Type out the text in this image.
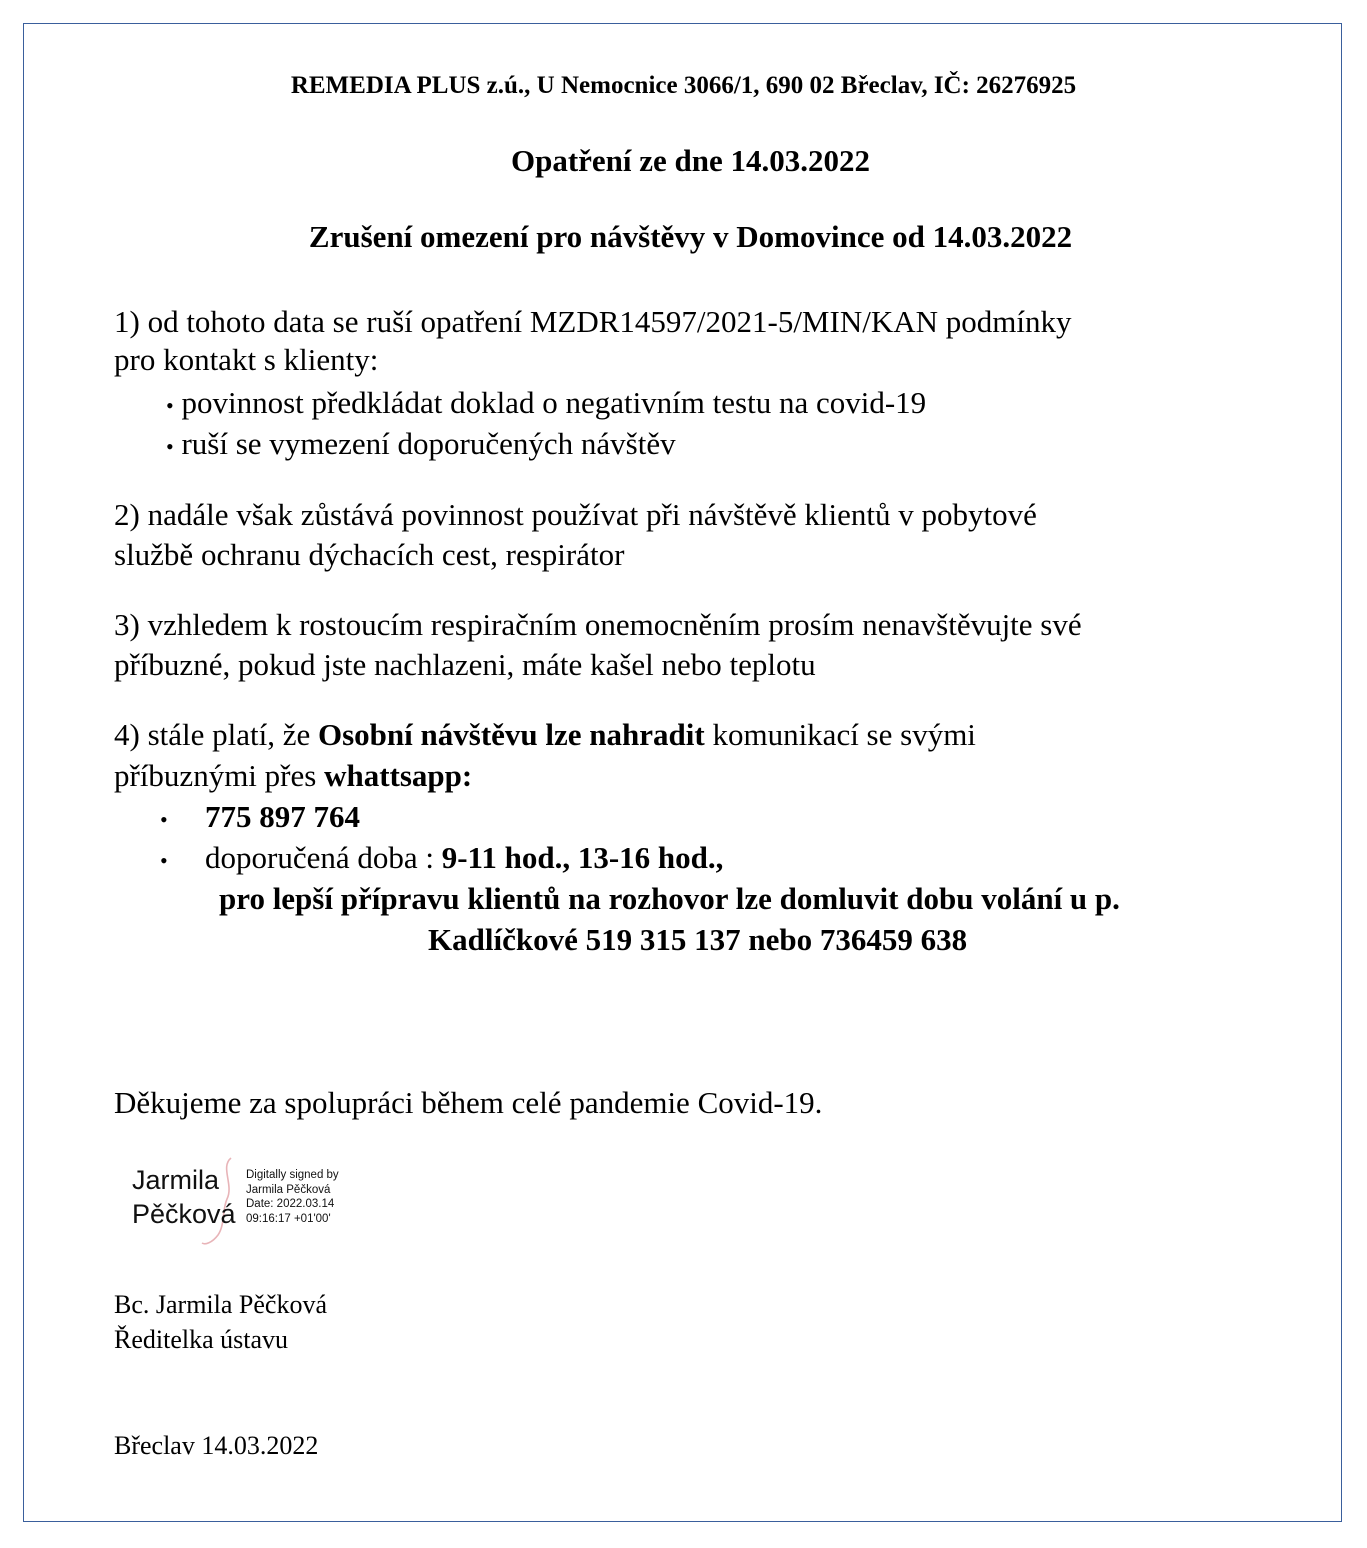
REMEDIA PLUS z.ú., U Nemocnice 3066/1, 690 02 Břeclav, IČ: 26276925
Opatření ze dne 14.03.2022
Zrušení omezení pro návštěvy v Domovince od 14.03.2022
1) od tohoto data se ruší opatření MZDR14597/2021-5/MIN/KAN podmínky
pro kontakt s klienty:
• povinnost předkládat doklad o negativním testu na covid-19
• ruší se vymezení doporučených návštěv
2) nadále však zůstává povinnost používat při návštěvě klientů v pobytové
službě ochranu dýchacích cest, respirátor
3) vzhledem k rostoucím respiračním onemocněním prosím nenavštěvujte své
příbuzné, pokud jste nachlazeni, máte kašel nebo teplotu
4) stále platí, že Osobní návštěvu lze nahradit komunikací se svými
příbuznými přes whattsapp:
• 775 897 764
• doporučená doba : 9-11 hod., 13-16 hod.,
pro lepší přípravu klientů na rozhovor lze domluvit dobu volání u p.
Kadlíčkové 519 315 137 nebo 736459 638
Děkujeme za spolupráci během celé pandemie Covid-19.
Jarmila
Pěčková
Digitally signed by
Jarmila Pěčková
Date: 2022.03.14
09:16:17 +01'00'
Bc. Jarmila Pěčková
Ředitelka ústavu
Břeclav 14.03.2022
